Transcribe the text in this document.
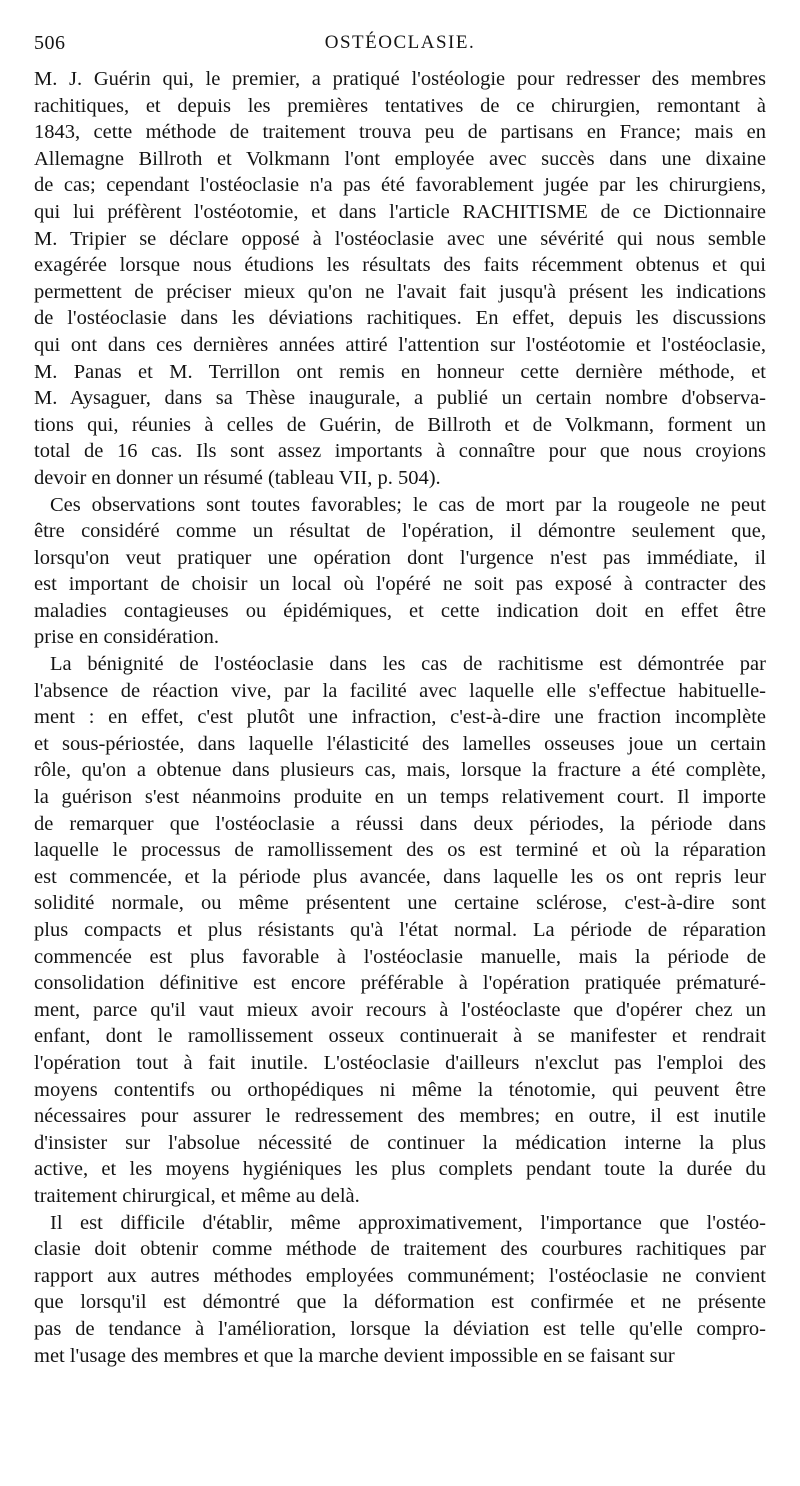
506	OSTÉOCLASIE.
M. J. Guérin qui, le premier, a pratiqué l'ostéologie pour redresser des membres
rachitiques, et depuis les premières tentatives de ce chirurgien, remontant à
1843, cette méthode de traitement trouva peu de partisans en France; mais en
Allemagne Billroth et Volkmann l'ont employée avec succès dans une dixaine
de cas; cependant l'ostéoclasie n'a pas été favorablement jugée par les chirurgiens,
qui lui préfèrent l'ostéotomie, et dans l'article RACHITISME de ce Dictionnaire
M. Tripier se déclare opposé à l'ostéoclasie avec une sévérité qui nous semble
exagérée lorsque nous étudions les résultats des faits récemment obtenus et qui
permettent de préciser mieux qu'on ne l'avait fait jusqu'à présent les indications
de l'ostéoclasie dans les déviations rachitiques. En effet, depuis les discussions
qui ont dans ces dernières années attiré l'attention sur l'ostéotomie et l'ostéoclasie,
M. Panas et M. Terrillon ont remis en honneur cette dernière méthode, et
M. Aysaguer, dans sa Thèse inaugurale, a publié un certain nombre d'observa-
tions qui, réunies à celles de Guérin, de Billroth et de Volkmann, forment un
total de 16 cas. Ils sont assez importants à connaître pour que nous croyions
devoir en donner un résumé (tableau VII, p. 504).
Ces observations sont toutes favorables; le cas de mort par la rougeole ne peut
être considéré comme un résultat de l'opération, il démontre seulement que,
lorsqu'on veut pratiquer une opération dont l'urgence n'est pas immédiate, il
est important de choisir un local où l'opéré ne soit pas exposé à contracter des
maladies contagieuses ou épidémiques, et cette indication doit en effet être
prise en considération.
La bénignité de l'ostéoclasie dans les cas de rachitisme est démontrée par
l'absence de réaction vive, par la facilité avec laquelle elle s'effectue habituelle-
ment : en effet, c'est plutôt une infraction, c'est-à-dire une fraction incomplète
et sous-périostée, dans laquelle l'élasticité des lamelles osseuses joue un certain
rôle, qu'on a obtenue dans plusieurs cas, mais, lorsque la fracture a été complète,
la guérison s'est néanmoins produite en un temps relativement court. Il importe
de remarquer que l'ostéoclasie a réussi dans deux périodes, la période dans
laquelle le processus de ramollissement des os est terminé et où la réparation
est commencée, et la période plus avancée, dans laquelle les os ont repris leur
solidité normale, ou même présentent une certaine sclérose, c'est-à-dire sont
plus compacts et plus résistants qu'à l'état normal. La période de réparation
commencée est plus favorable à l'ostéoclasie manuelle, mais la période de
consolidation définitive est encore préférable à l'opération pratiquée prématuré-
ment, parce qu'il vaut mieux avoir recours à l'ostéoclaste que d'opérer chez un
enfant, dont le ramollissement osseux continuerait à se manifester et rendrait
l'opération tout à fait inutile. L'ostéoclasie d'ailleurs n'exclut pas l'emploi des
moyens contentifs ou orthopédiques ni même la ténotomie, qui peuvent être
nécessaires pour assurer le redressement des membres; en outre, il est inutile
d'insister sur l'absolue nécessité de continuer la médication interne la plus
active, et les moyens hygiéniques les plus complets pendant toute la durée du
traitement chirurgical, et même au delà.
Il est difficile d'établir, même approximativement, l'importance que l'ostéo-
clasie doit obtenir comme méthode de traitement des courbures rachitiques par
rapport aux autres méthodes employées communément; l'ostéoclasie ne convient
que lorsqu'il est démontré que la déformation est confirmée et ne présente
pas de tendance à l'amélioration, lorsque la déviation est telle qu'elle compro-
met l'usage des membres et que la marche devient impossible en se faisant sur
